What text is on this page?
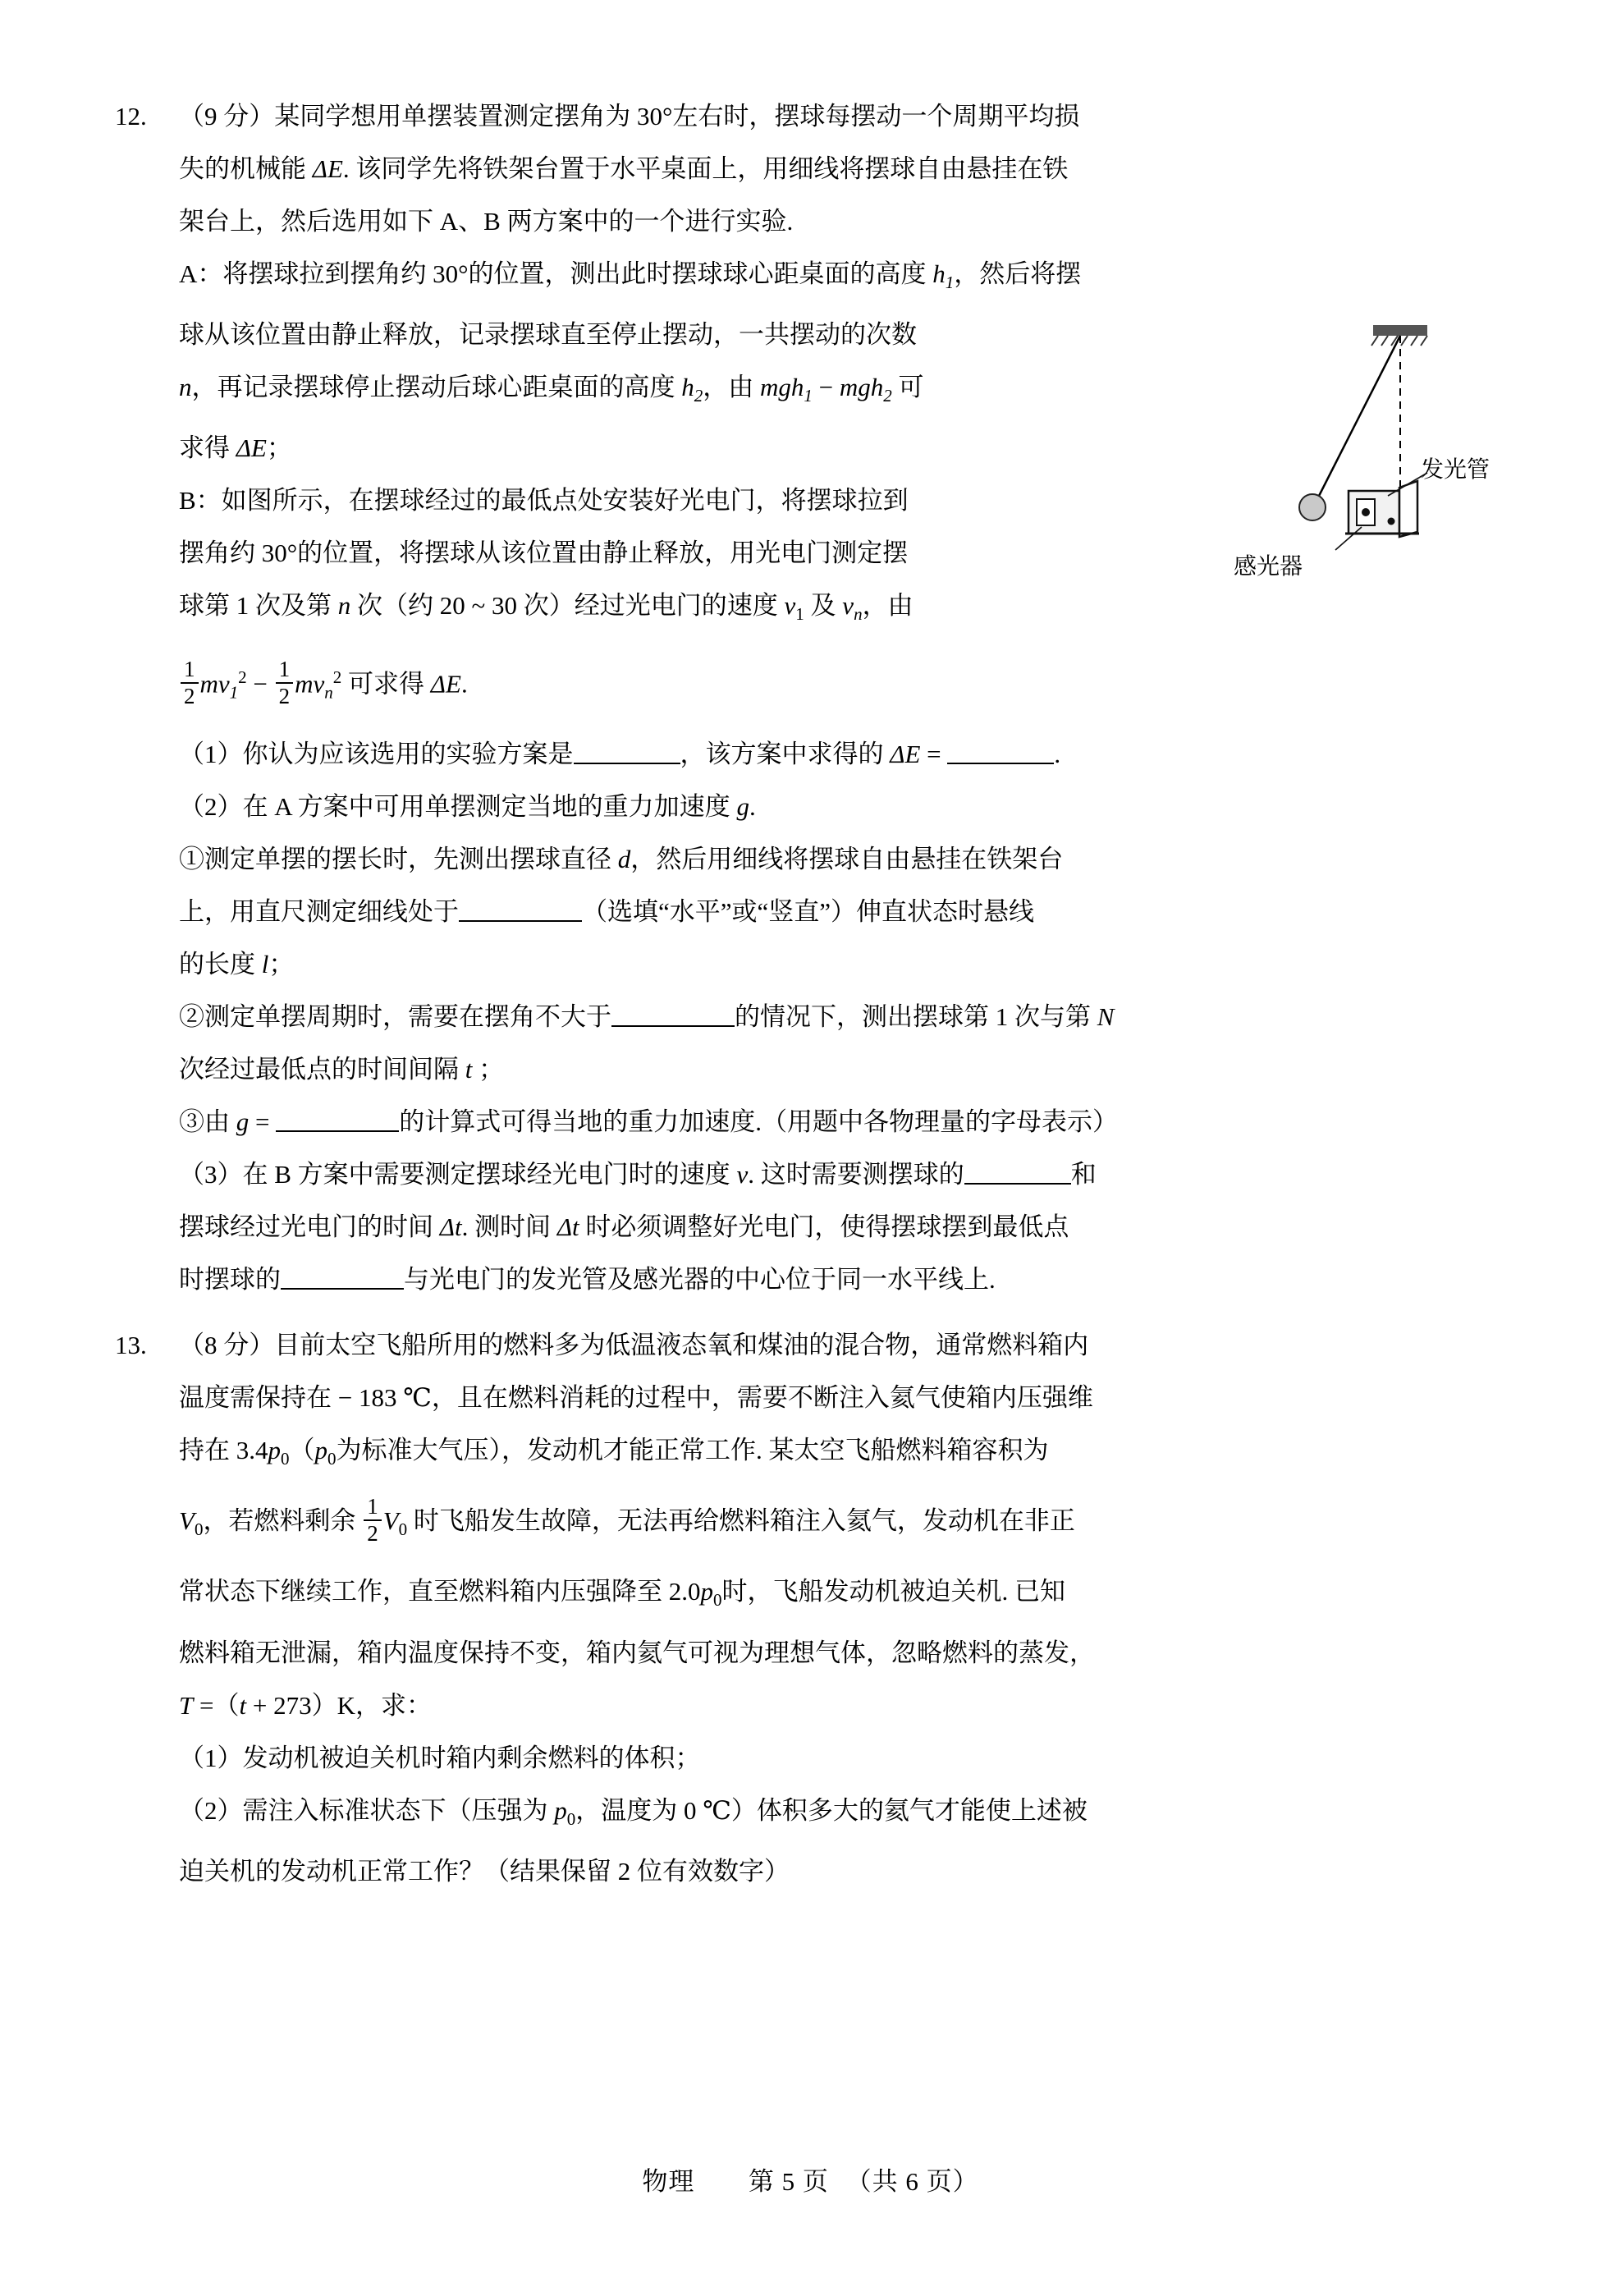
12.	（9 分）某同学想用单摆装置测定摆角为 30°左右时，摆球每摆动一个周期平均损
失的机械能 ΔE. 该同学先将铁架台置于水平桌面上，用细线将摆球自由悬挂在铁
架台上，然后选用如下 A、B 两方案中的一个进行实验.
A：将摆球拉到摆角约 30°的位置，测出此时摆球球心距桌面的高度 $h_1$，然后将摆
球从该位置由静止释放，记录摆球直至停止摆动，一共摆动的次数
n，再记录摆球停止摆动后球心距桌面的高度 $h_2$，由 mgh$_1$ − mgh$_2$ 可
求得 ΔE；
B：如图所示，在摆球经过的最低点处安装好光电门，将摆球拉到
摆角约 30°的位置，将摆球从该位置由静止释放，用光电门测定摆
球第 1 次及第 n 次（约 20 ~ 30 次）经过光电门的速度 $v_1$ 及 $v_n$，由
$\frac{1}{2} mv_1^2 - \frac{1}{2} mv_n^2$ 可求得 ΔE.
（1）你认为应该选用的实验方案是	，该方案中求得的 ΔE =	.
（2）在 A 方案中可用单摆测定当地的重力加速度 g.
①测定单摆的摆长时，先测出摆球直径 d，然后用细线将摆球自由悬挂在铁架台
上，用直尺测定细线处于	（选填“水平”或“竖直”）伸直状态时悬线
的长度 l；
②测定单摆周期时，需要在摆角不大于	的情况下，测出摆球第 1 次与第 N
次经过最低点的时间间隔 t ；
③由 g =	的计算式可得当地的重力加速度.（用题中各物理量的字母表示）
（3）在 B 方案中需要测定摆球经光电门时的速度 v. 这时需要测摆球的	和
摆球经过光电门的时间 Δt. 测时间 Δt 时必须调整好光电门，使得摆球摆到最低点
时摆球的	与光电门的发光管及感光器的中心位于同一水平线上.
发光管
感光器
13.	（8 分）目前太空飞船所用的燃料多为低温液态氧和煤油的混合物，通常燃料箱内
温度需保持在 − 183 ℃，且在燃料消耗的过程中，需要不断注入氦气使箱内压强维
持在 $3.4p_0(p_0$为标准大气压），发动机才能正常工作. 某太空飞船燃料箱容积为
$V_0$，若燃料剩余 $\frac{1}{2} V_0$ 时飞船发生故障，无法再给燃料箱注入氦气，发动机在非正
常状态下继续工作，直至燃料箱内压强降至 $2.0p_0$时，飞船发动机被迫关机. 已知
燃料箱无泄漏，箱内温度保持不变，箱内氦气可视为理想气体，忽略燃料的蒸发，
T =（t + 273）K，求：
（1）发动机被迫关机时箱内剩余燃料的体积；
（2）需注入标准状态下（压强为 $p_0$，温度为 0 ℃）体积多大的氦气才能使上述被
迫关机的发动机正常工作？（结果保留 2 位有效数字）
物理 第 5 页 （共 6 页）
